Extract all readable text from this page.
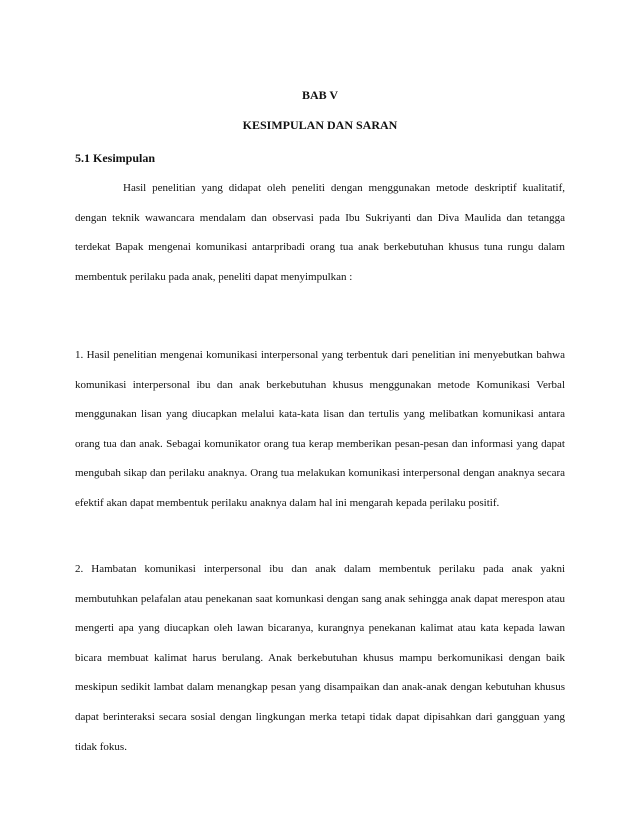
BAB V
KESIMPULAN DAN SARAN
5.1 Kesimpulan

Hasil penelitian yang didapat oleh peneliti dengan menggunakan metode deskriptif kualitatif, dengan teknik wawancara mendalam dan observasi pada Ibu Sukriyanti dan Diva Maulida dan tetangga terdekat Bapak mengenai komunikasi antarpribadi orang tua anak berkebutuhan khusus tuna rungu dalam membentuk perilaku pada anak, peneliti dapat menyimpulkan :

1. Hasil penelitian mengenai komunikasi interpersonal yang terbentuk dari penelitian ini menyebutkan bahwa komunikasi interpersonal ibu dan anak berkebutuhan khusus menggunakan metode Komunikasi Verbal menggunakan lisan yang diucapkan melalui kata-kata lisan dan tertulis yang melibatkan komunikasi antara orang tua dan anak. Sebagai komunikator orang tua kerap memberikan pesan-pesan dan informasi yang dapat mengubah sikap dan perilaku anaknya. Orang tua melakukan komunikasi interpersonal dengan anaknya secara efektif akan dapat membentuk perilaku anaknya dalam hal ini mengarah kepada perilaku positif.

2. Hambatan komunikasi interpersonal ibu dan anak dalam membentuk perilaku pada anak yakni membutuhkan pelafalan atau penekanan saat komunkasi dengan sang anak sehingga anak dapat merespon atau mengerti apa yang diucapkan oleh lawan bicaranya, kurangnya penekanan kalimat atau kata kepada lawan bicara membuat kalimat harus berulang. Anak berkebutuhan khusus mampu berkomunikasi dengan baik meskipun sedikit lambat dalam menangkap pesan yang disampaikan dan anak-anak dengan kebutuhan khusus dapat berinteraksi secara sosial dengan lingkungan merka tetapi tidak dapat dipisahkan dari gangguan yang tidak fokus.
